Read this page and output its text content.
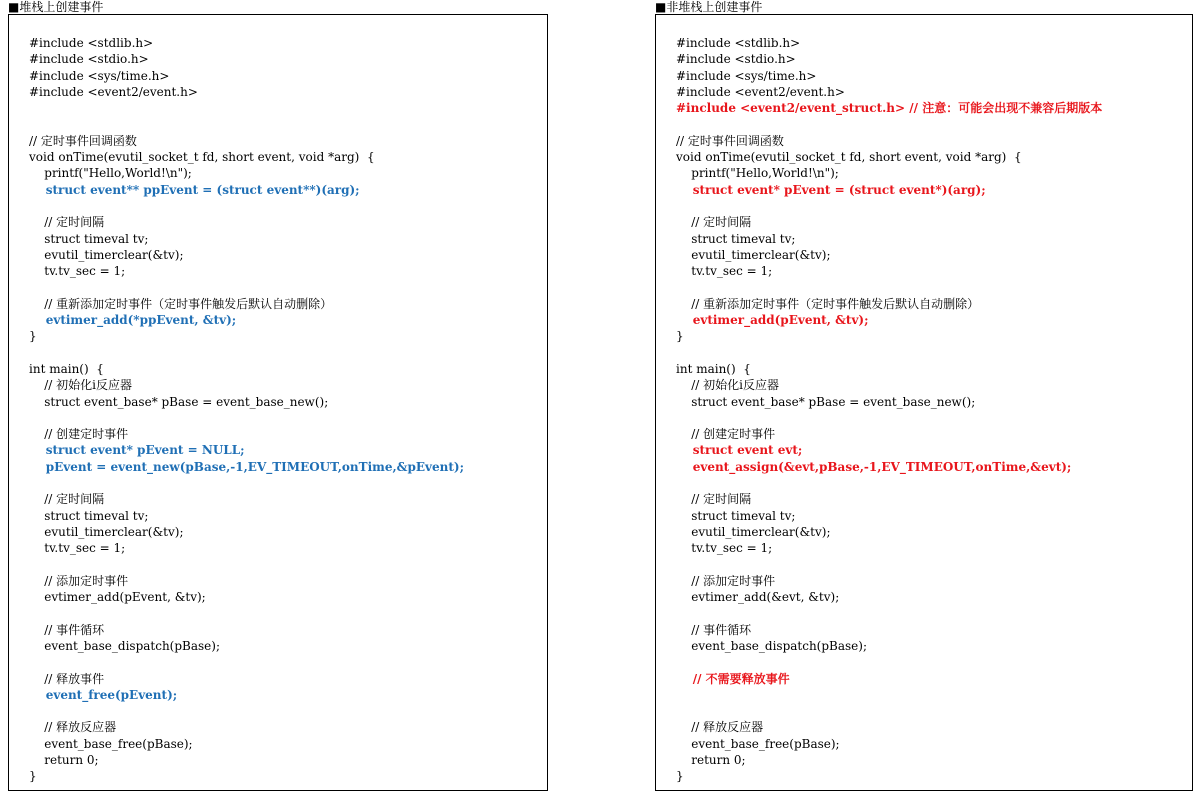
■堆栈上创建事件
#include <stdlib.h>
#include <stdio.h>
#include <sys/time.h>
#include <event2/event.h>
// 定时事件回调函数
void onTime(evutil_socket_t fd, short event, void *arg)  {
printf("Hello,World!\n");
struct event** ppEvent = (struct event**)(arg);
// 定时间隔
struct timeval tv;
evutil_timerclear(&tv);
tv.tv_sec = 1;
// 重新添加定时事件（定时事件触发后默认自动删除）
evtimer_add(*ppEvent, &tv);
}
int main()  {
// 初始化i反应器
struct event_base* pBase = event_base_new();
// 创建定时事件
struct event* pEvent = NULL;
pEvent = event_new(pBase,-1,EV_TIMEOUT,onTime,&pEvent);
// 定时间隔
struct timeval tv;
evutil_timerclear(&tv);
tv.tv_sec = 1;
// 添加定时事件
evtimer_add(pEvent, &tv);
// 事件循环
event_base_dispatch(pBase);
// 释放事件
event_free(pEvent);
// 释放反应器
event_base_free(pBase);
return 0;
}
■非堆栈上创建事件
#include <stdlib.h>
#include <stdio.h>
#include <sys/time.h>
#include <event2/event.h>
#include <event2/event_struct.h> // 注意：可能会出现不兼容后期版本
// 定时事件回调函数
void onTime(evutil_socket_t fd, short event, void *arg)  {
printf("Hello,World!\n");
struct event* pEvent = (struct event*)(arg);
// 定时间隔
struct timeval tv;
evutil_timerclear(&tv);
tv.tv_sec = 1;
// 重新添加定时事件（定时事件触发后默认自动删除）
evtimer_add(pEvent, &tv);
}
int main()  {
// 初始化i反应器
struct event_base* pBase = event_base_new();
// 创建定时事件
struct event evt;
event_assign(&evt,pBase,-1,EV_TIMEOUT,onTime,&evt);
// 定时间隔
struct timeval tv;
evutil_timerclear(&tv);
tv.tv_sec = 1;
// 添加定时事件
evtimer_add(&evt, &tv);
// 事件循环
event_base_dispatch(pBase);
// 不需要释放事件
// 释放反应器
event_base_free(pBase);
return 0;
}
